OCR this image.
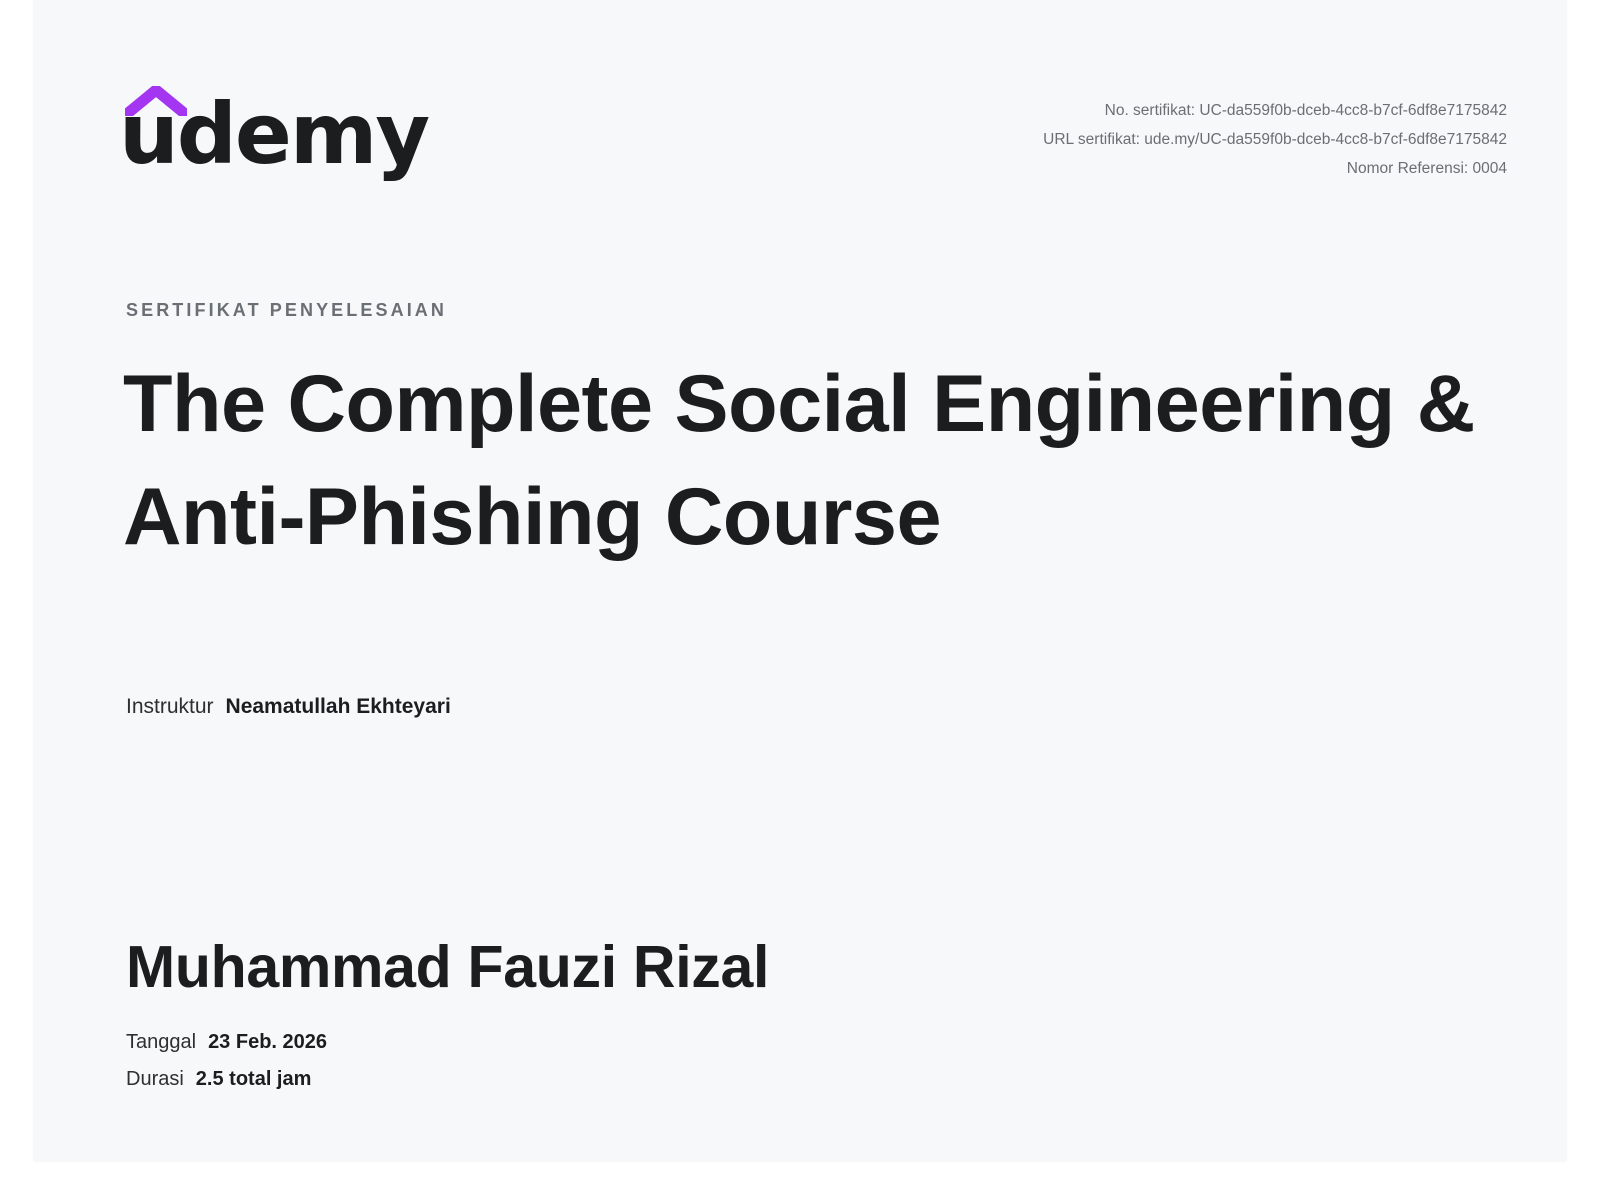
udemy	No. sertifikat: UC-da559f0b-dceb-4cc8-b7cf-6df8e7175842
URL sertifikat: ude.my/UC-da559f0b-dceb-4cc8-b7cf-6df8e7175842
Nomor Referensi: 0004
SERTIFIKAT PENYELESAIAN
The Complete Social Engineering & Anti-Phishing Course
Instruktur Neamatullah Ekhteyari
Muhammad Fauzi Rizal
Tanggal 23 Feb. 2026
Durasi 2.5 total jam
